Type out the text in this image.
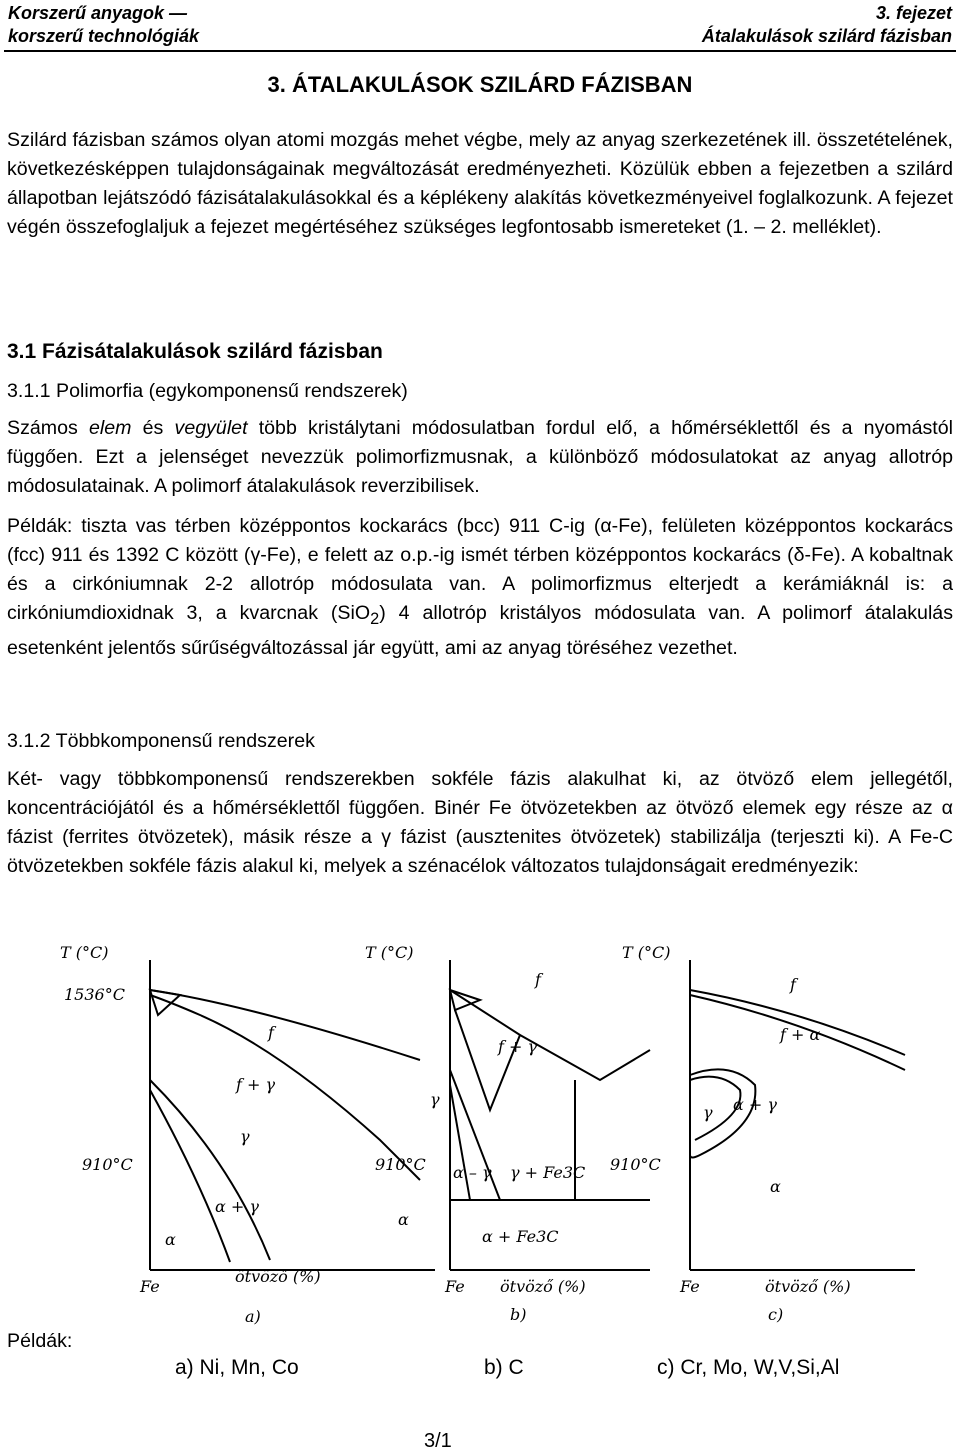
Korszerű anyagok —
korszerű technológiák
3. fejezet
Átalakulások szilárd fázisban
3. ÁTALAKULÁSOK SZILÁRD FÁZISBAN

Szilárd fázisban számos olyan atomi mozgás mehet végbe, mely az anyag szerkezetének ill. összetételének, következésképpen tulajdonságainak megváltozását eredményezheti. Közülük ebben a fejezetben a szilárd állapotban lejátszódó fázisátalakulásokkal és a képlékeny alakítás következményeivel foglalkozunk. A fejezet végén összefoglaljuk a fejezet megértéséhez szükséges legfontosabb ismereteket (1. – 2. melléklet).

3.1 Fázisátalakulások szilárd fázisban
3.1.1 Polimorfia (egykomponensű rendszerek)

Számos elem és vegyület több kristálytani módosulatban fordul elő, a hőmérséklettől és a nyomástól függően. Ezt a jelenséget nevezzük polimorfizmusnak, a különböző módosulatokat az anyag allotróp módosulatainak. A polimorf átalakulások reverzibilisek.

Példák: tiszta vas térben középpontos kockarács (bcc) 911 C-ig (α-Fe), felületen középpontos kockarács (fcc) 911 és 1392 C között (γ-Fe), e felett az o.p.-ig ismét térben középpontos kockarács (δ-Fe). A kobaltnak és a cirkóniumnak 2-2 allotróp módosulata van. A polimorfizmus elterjedt a kerámiáknál is: a cirkóniumdioxidnak 3, a kvarcnak (SiO$_2$) 4 allotróp kristályos módosulata van. A polimorf átalakulás esetenként jelentős sűrűségváltozással jár együtt, ami az anyag töréséhez vezethet.

3.1.2 Többkomponensű rendszerek

Két- vagy többkomponensű rendszerekben sokféle fázis alakulhat ki, az ötvöző elem jellegétől, koncentrációjától és a hőmérséklettől függően. Binér Fe ötvözetekben az ötvöző elemek egy része az α fázist (ferrites ötvözetek), másik része a γ fázist (ausztenites ötvözetek) stabilizálja (terjeszti ki). A Fe-C ötvözetekben sokféle fázis alakul ki, melyek a szénacélok változatos tulajdonságait eredményezik:

T (°C)
1536°C
910°C
f
f + γ
γ
α + γ
α
Fe
ötvöző (%)
a)
T (°C)
910°C
f
f + γ
γ
α – γ γ + Fe3C
α
α + Fe3C
Fe ötvöző (%)
b)
T (°C)
910°C
f
f + α
γ α + γ
α
Fe	ötvöző (%)
c)
Példák:
a) Ni, Mn, Co	b) C	c) Cr, Mo, W,V,Si,Al
3/1
